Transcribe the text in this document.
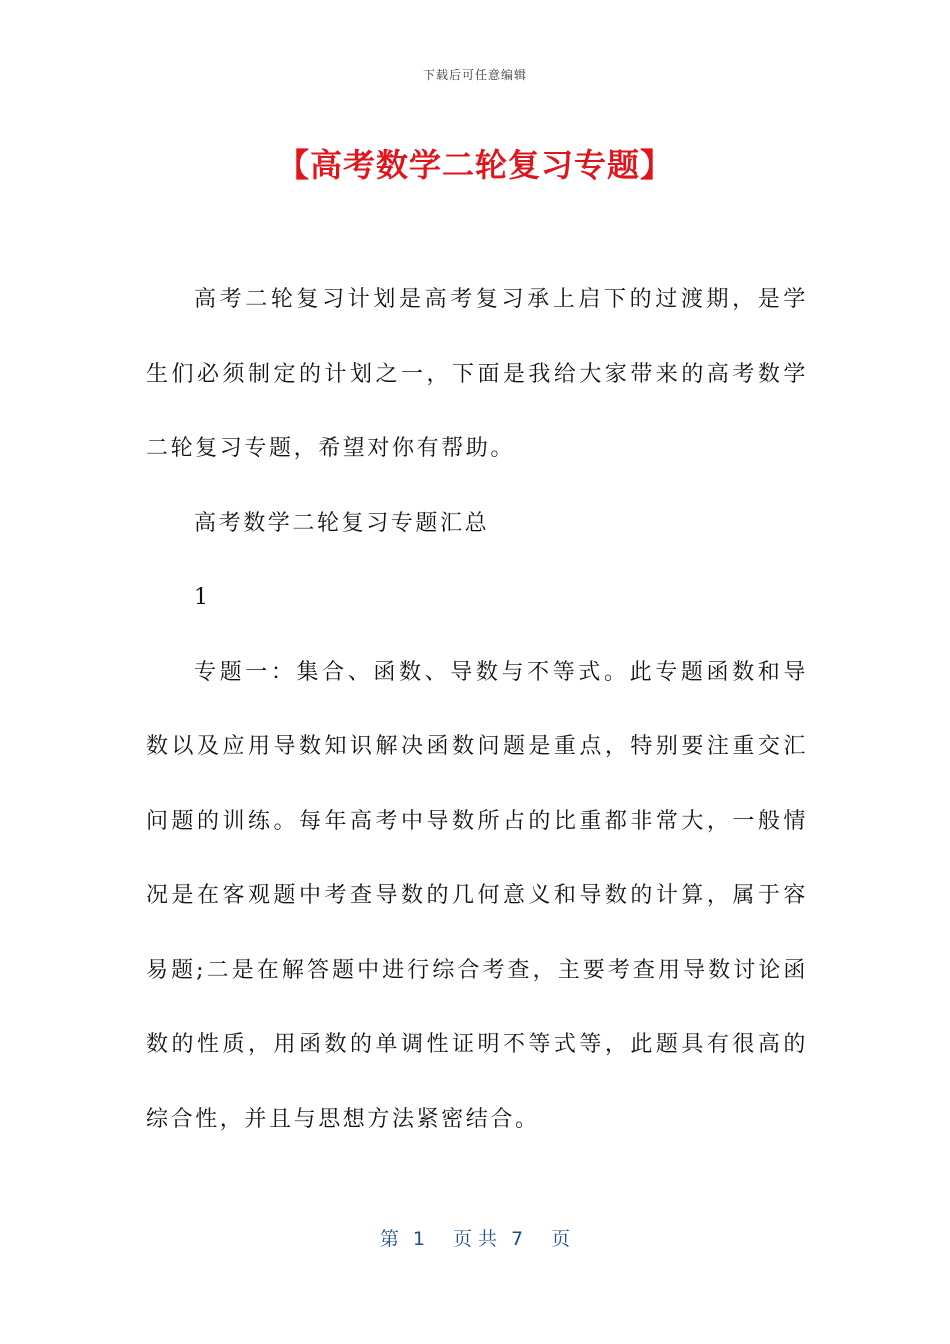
下载后可任意编辑
【高考数学二轮复习专题】

高考二轮复习计划是高考复习承上启下的过渡期，是学生们必须制定的计划之一，下面是我给大家带来的高考数学二轮复习专题，希望对你有帮助。

高考数学二轮复习专题汇总

1

专题一：集合、函数、导数与不等式。此专题函数和导数以及应用导数知识解决函数问题是重点，特别要注重交汇问题的训练。每年高考中导数所占的比重都非常大，一般情况是在客观题中考查导数的几何意义和导数的计算，属于容易题;二是在解答题中进行综合考查，主要考查用导数讨论函数的性质，用函数的单调性证明不等式等，此题具有很高的综合性，并且与思想方法紧密结合。

第 1 页 共 7 页
